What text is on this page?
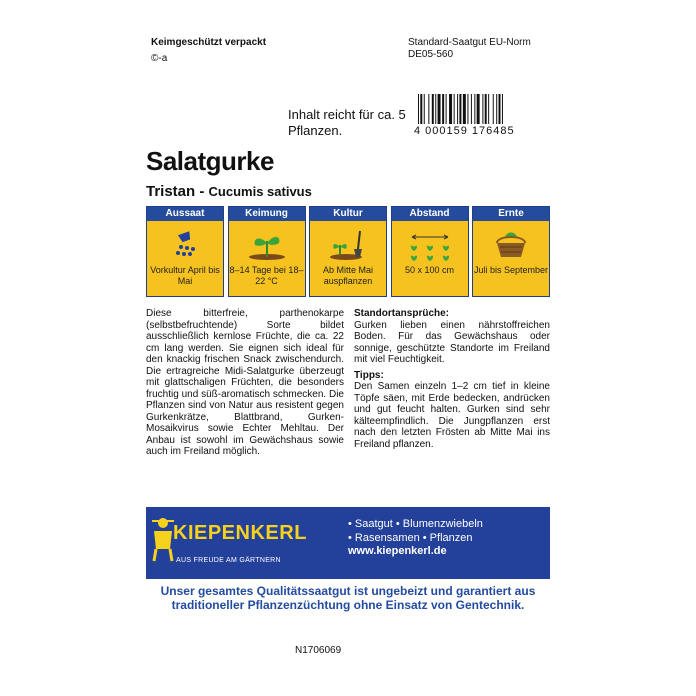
Keimgeschützt verpackt
©-a
Standard-Saatgut EU-Norm
DE05-560
Inhalt reicht für ca. 5 Pflanzen.	4 000159 176485
Salatgurke
Tristan - Cucumis sativus
Aussaat
Vorkultur April bis Mai
Keimung
8–14 Tage bei 18–22 °C
Kultur
Ab Mitte Mai auspflanzen
Abstand
50 x 100 cm
Ernte
Juli bis September
Diese bitterfreie, parthenokarpe (selbstbefruchtende) Sorte bildet ausschließlich kernlose Früchte, die ca. 22 cm lang werden. Sie eignen sich ideal für den knackig frischen Snack zwischendurch. Die ertragreiche Midi-Salatgurke überzeugt mit glattschaligen Früchten, die besonders fruchtig und süß-aromatisch schmecken. Die Pflanzen sind von Natur aus resistent gegen Gurkenkrätze, Blattbrand, Gurken-Mosaikvirus sowie Echter Mehltau. Der Anbau ist sowohl im Gewächshaus sowie auch im Freiland möglich.
Standortansprüche:
Gurken lieben einen nährstoffreichen Boden. Für das Gewächshaus oder sonnige, geschützte Standorte im Freiland mit viel Feuchtigkeit.
Tipps:
Den Samen einzeln 1–2 cm tief in kleine Töpfe säen, mit Erde bedecken, andrücken und gut feucht halten. Gurken sind sehr kälteempfindlich. Die Jungpflanzen erst nach den letzten Frösten ab Mitte Mai ins Freiland pflanzen.
KIEPENKERL
AUS FREUDE AM GÄRTNERN
• Saatgut • Blumenzwiebeln
• Rasensamen • Pflanzen
www.kiepenkerl.de
Unser gesamtes Qualitätssaatgut ist ungebeizt und garantiert aus traditioneller Pflanzenzüchtung ohne Einsatz von Gentechnik.
N1706069
